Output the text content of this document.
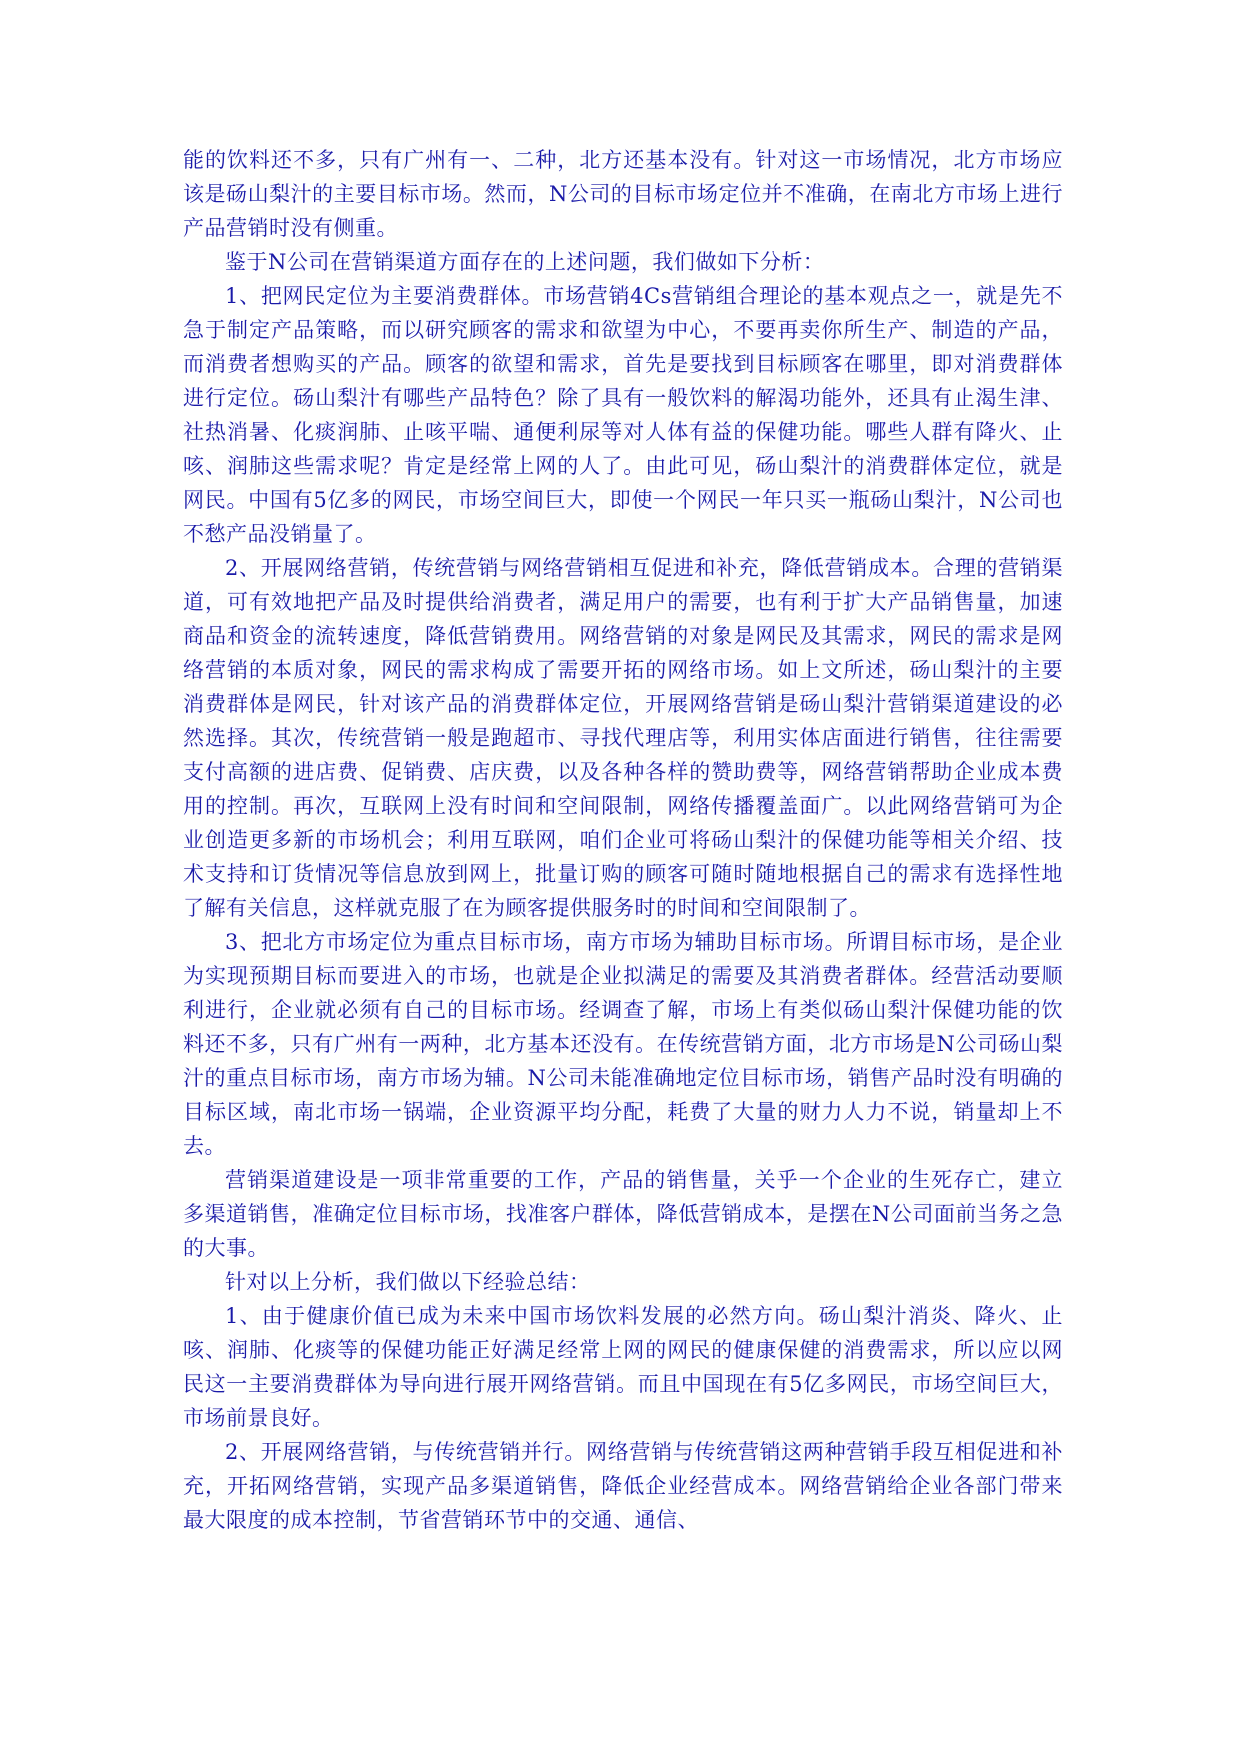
能的饮料还不多，只有广州有一、二种，北方还基本没有。针对这一市场情况，北方市场应该是砀山梨汁的主要目标市场。然而，N公司的目标市场定位并不准确，在南北方市场上进行产品营销时没有侧重。

鉴于N公司在营销渠道方面存在的上述问题，我们做如下分析：

1、把网民定位为主要消费群体。市场营销4Cs营销组合理论的基本观点之一，就是先不急于制定产品策略，而以研究顾客的需求和欲望为中心，不要再卖你所生产、制造的产品，而消费者想购买的产品。顾客的欲望和需求，首先是要找到目标顾客在哪里，即对消费群体进行定位。砀山梨汁有哪些产品特色？除了具有一般饮料的解渴功能外，还具有止渴生津、社热消暑、化痰润肺、止咳平喘、通便利尿等对人体有益的保健功能。哪些人群有降火、止咳、润肺这些需求呢？肯定是经常上网的人了。由此可见，砀山梨汁的消费群体定位，就是网民。中国有5亿多的网民，市场空间巨大，即使一个网民一年只买一瓶砀山梨汁，N公司也不愁产品没销量了。

2、开展网络营销，传统营销与网络营销相互促进和补充，降低营销成本。合理的营销渠道，可有效地把产品及时提供给消费者，满足用户的需要，也有利于扩大产品销售量，加速商品和资金的流转速度，降低营销费用。网络营销的对象是网民及其需求，网民的需求是网络营销的本质对象，网民的需求构成了需要开拓的网络市场。如上文所述，砀山梨汁的主要消费群体是网民，针对该产品的消费群体定位，开展网络营销是砀山梨汁营销渠道建设的必然选择。其次，传统营销一般是跑超市、寻找代理店等，利用实体店面进行销售，往往需要支付高额的进店费、促销费、店庆费，以及各种各样的赞助费等，网络营销帮助企业成本费用的控制。再次，互联网上没有时间和空间限制，网络传播覆盖面广。以此网络营销可为企业创造更多新的市场机会；利用互联网，咱们企业可将砀山梨汁的保健功能等相关介绍、技术支持和订货情况等信息放到网上，批量订购的顾客可随时随地根据自己的需求有选择性地了解有关信息，这样就克服了在为顾客提供服务时的时间和空间限制了。

3、把北方市场定位为重点目标市场，南方市场为辅助目标市场。所谓目标市场，是企业为实现预期目标而要进入的市场，也就是企业拟满足的需要及其消费者群体。经营活动要顺利进行，企业就必须有自己的目标市场。经调查了解，市场上有类似砀山梨汁保健功能的饮料还不多，只有广州有一两种，北方基本还没有。在传统营销方面，北方市场是N公司砀山梨汁的重点目标市场，南方市场为辅。N公司未能准确地定位目标市场，销售产品时没有明确的目标区域，南北市场一锅端，企业资源平均分配，耗费了大量的财力人力不说，销量却上不去。

营销渠道建设是一项非常重要的工作，产品的销售量，关乎一个企业的生死存亡，建立多渠道销售，准确定位目标市场，找准客户群体，降低营销成本，是摆在N公司面前当务之急的大事。

针对以上分析，我们做以下经验总结：

1、由于健康价值已成为未来中国市场饮料发展的必然方向。砀山梨汁消炎、降火、止咳、润肺、化痰等的保健功能正好满足经常上网的网民的健康保健的消费需求，所以应以网民这一主要消费群体为导向进行展开网络营销。而且中国现在有5亿多网民，市场空间巨大，市场前景良好。

2、开展网络营销，与传统营销并行。网络营销与传统营销这两种营销手段互相促进和补充，开拓网络营销，实现产品多渠道销售，降低企业经营成本。网络营销给企业各部门带来最大限度的成本控制，节省营销环节中的交通、通信、
